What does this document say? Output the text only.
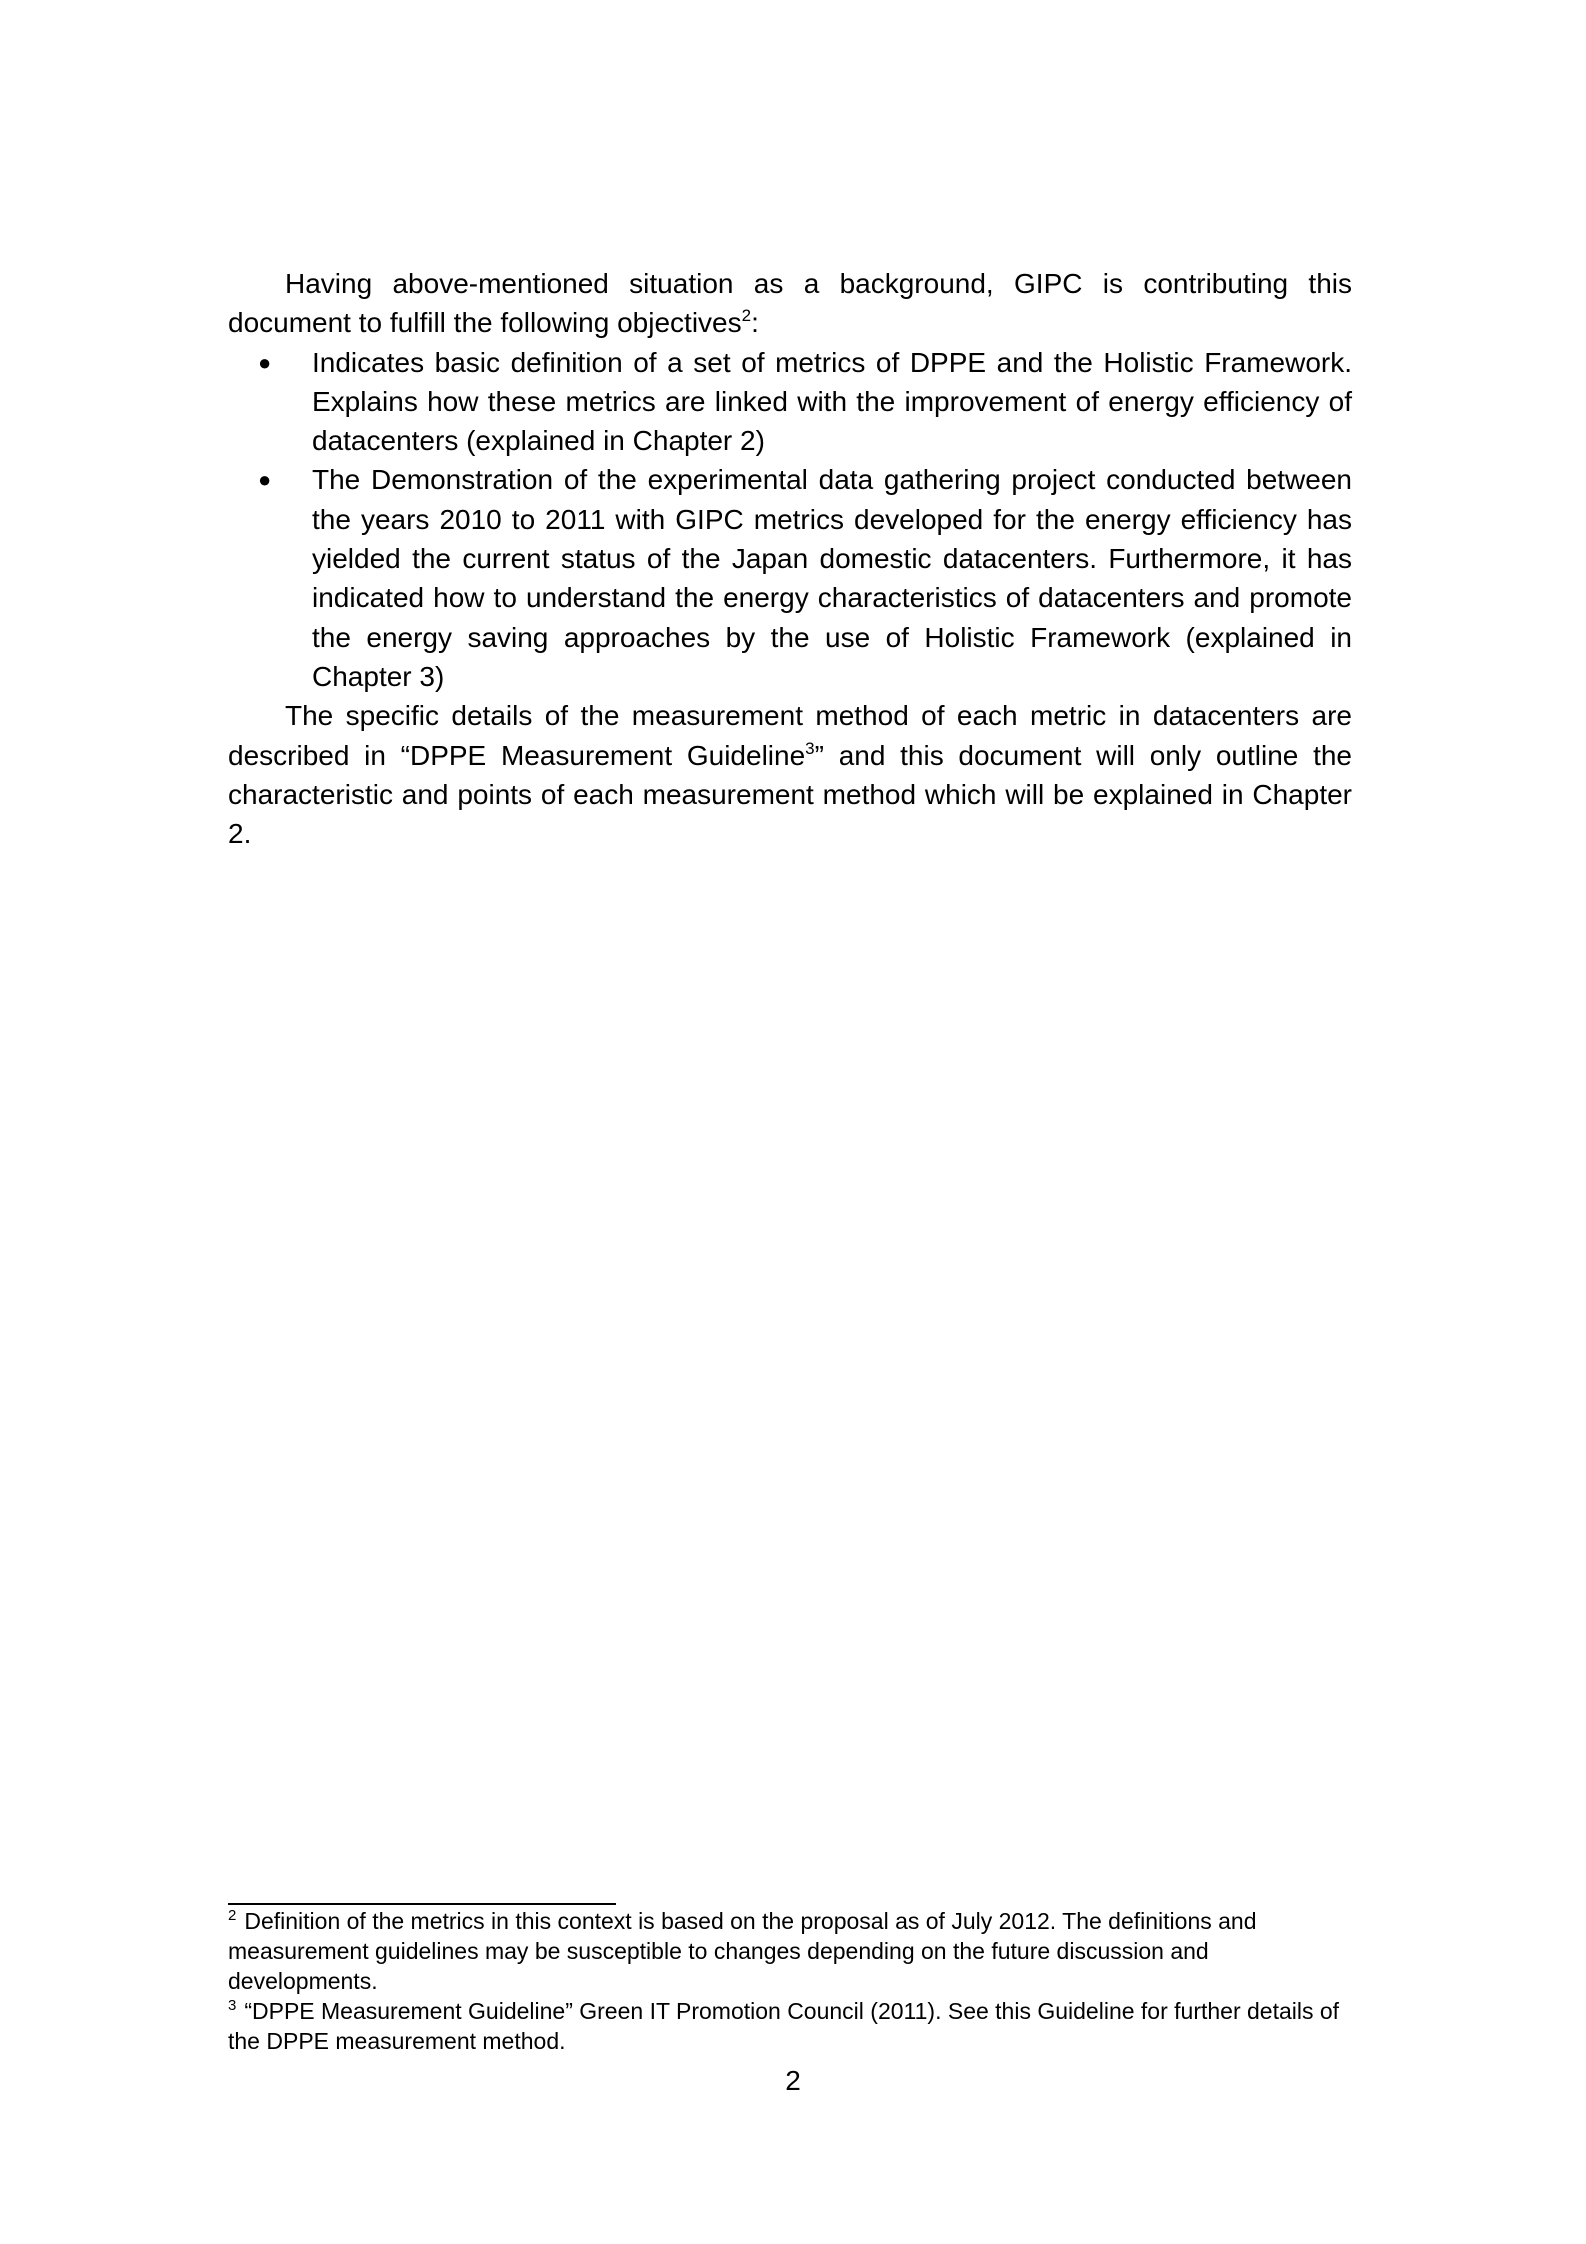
Having above-mentioned situation as a background, GIPC is contributing this document to fulfill the following objectives$^2$:

● Indicates basic definition of a set of metrics of DPPE and the Holistic Framework. Explains how these metrics are linked with the improvement of energy efficiency of datacenters (explained in Chapter 2)
● The Demonstration of the experimental data gathering project conducted between the years 2010 to 2011 with GIPC metrics developed for the energy efficiency has yielded the current status of the Japan domestic datacenters. Furthermore, it has indicated how to understand the energy characteristics of datacenters and promote the energy saving approaches by the use of Holistic Framework (explained in Chapter 3)

The specific details of the measurement method of each metric in datacenters are described in “DPPE Measurement Guideline$^3$” and this document will only outline the characteristic and points of each measurement method which will be explained in Chapter 2.

$^2$ Definition of the metrics in this context is based on the proposal as of July 2012. The definitions and measurement guidelines may be susceptible to changes depending on the future discussion and developments.

$^3$ “DPPE Measurement Guideline” Green IT Promotion Council (2011). See this Guideline for further details of the DPPE measurement method.

2
